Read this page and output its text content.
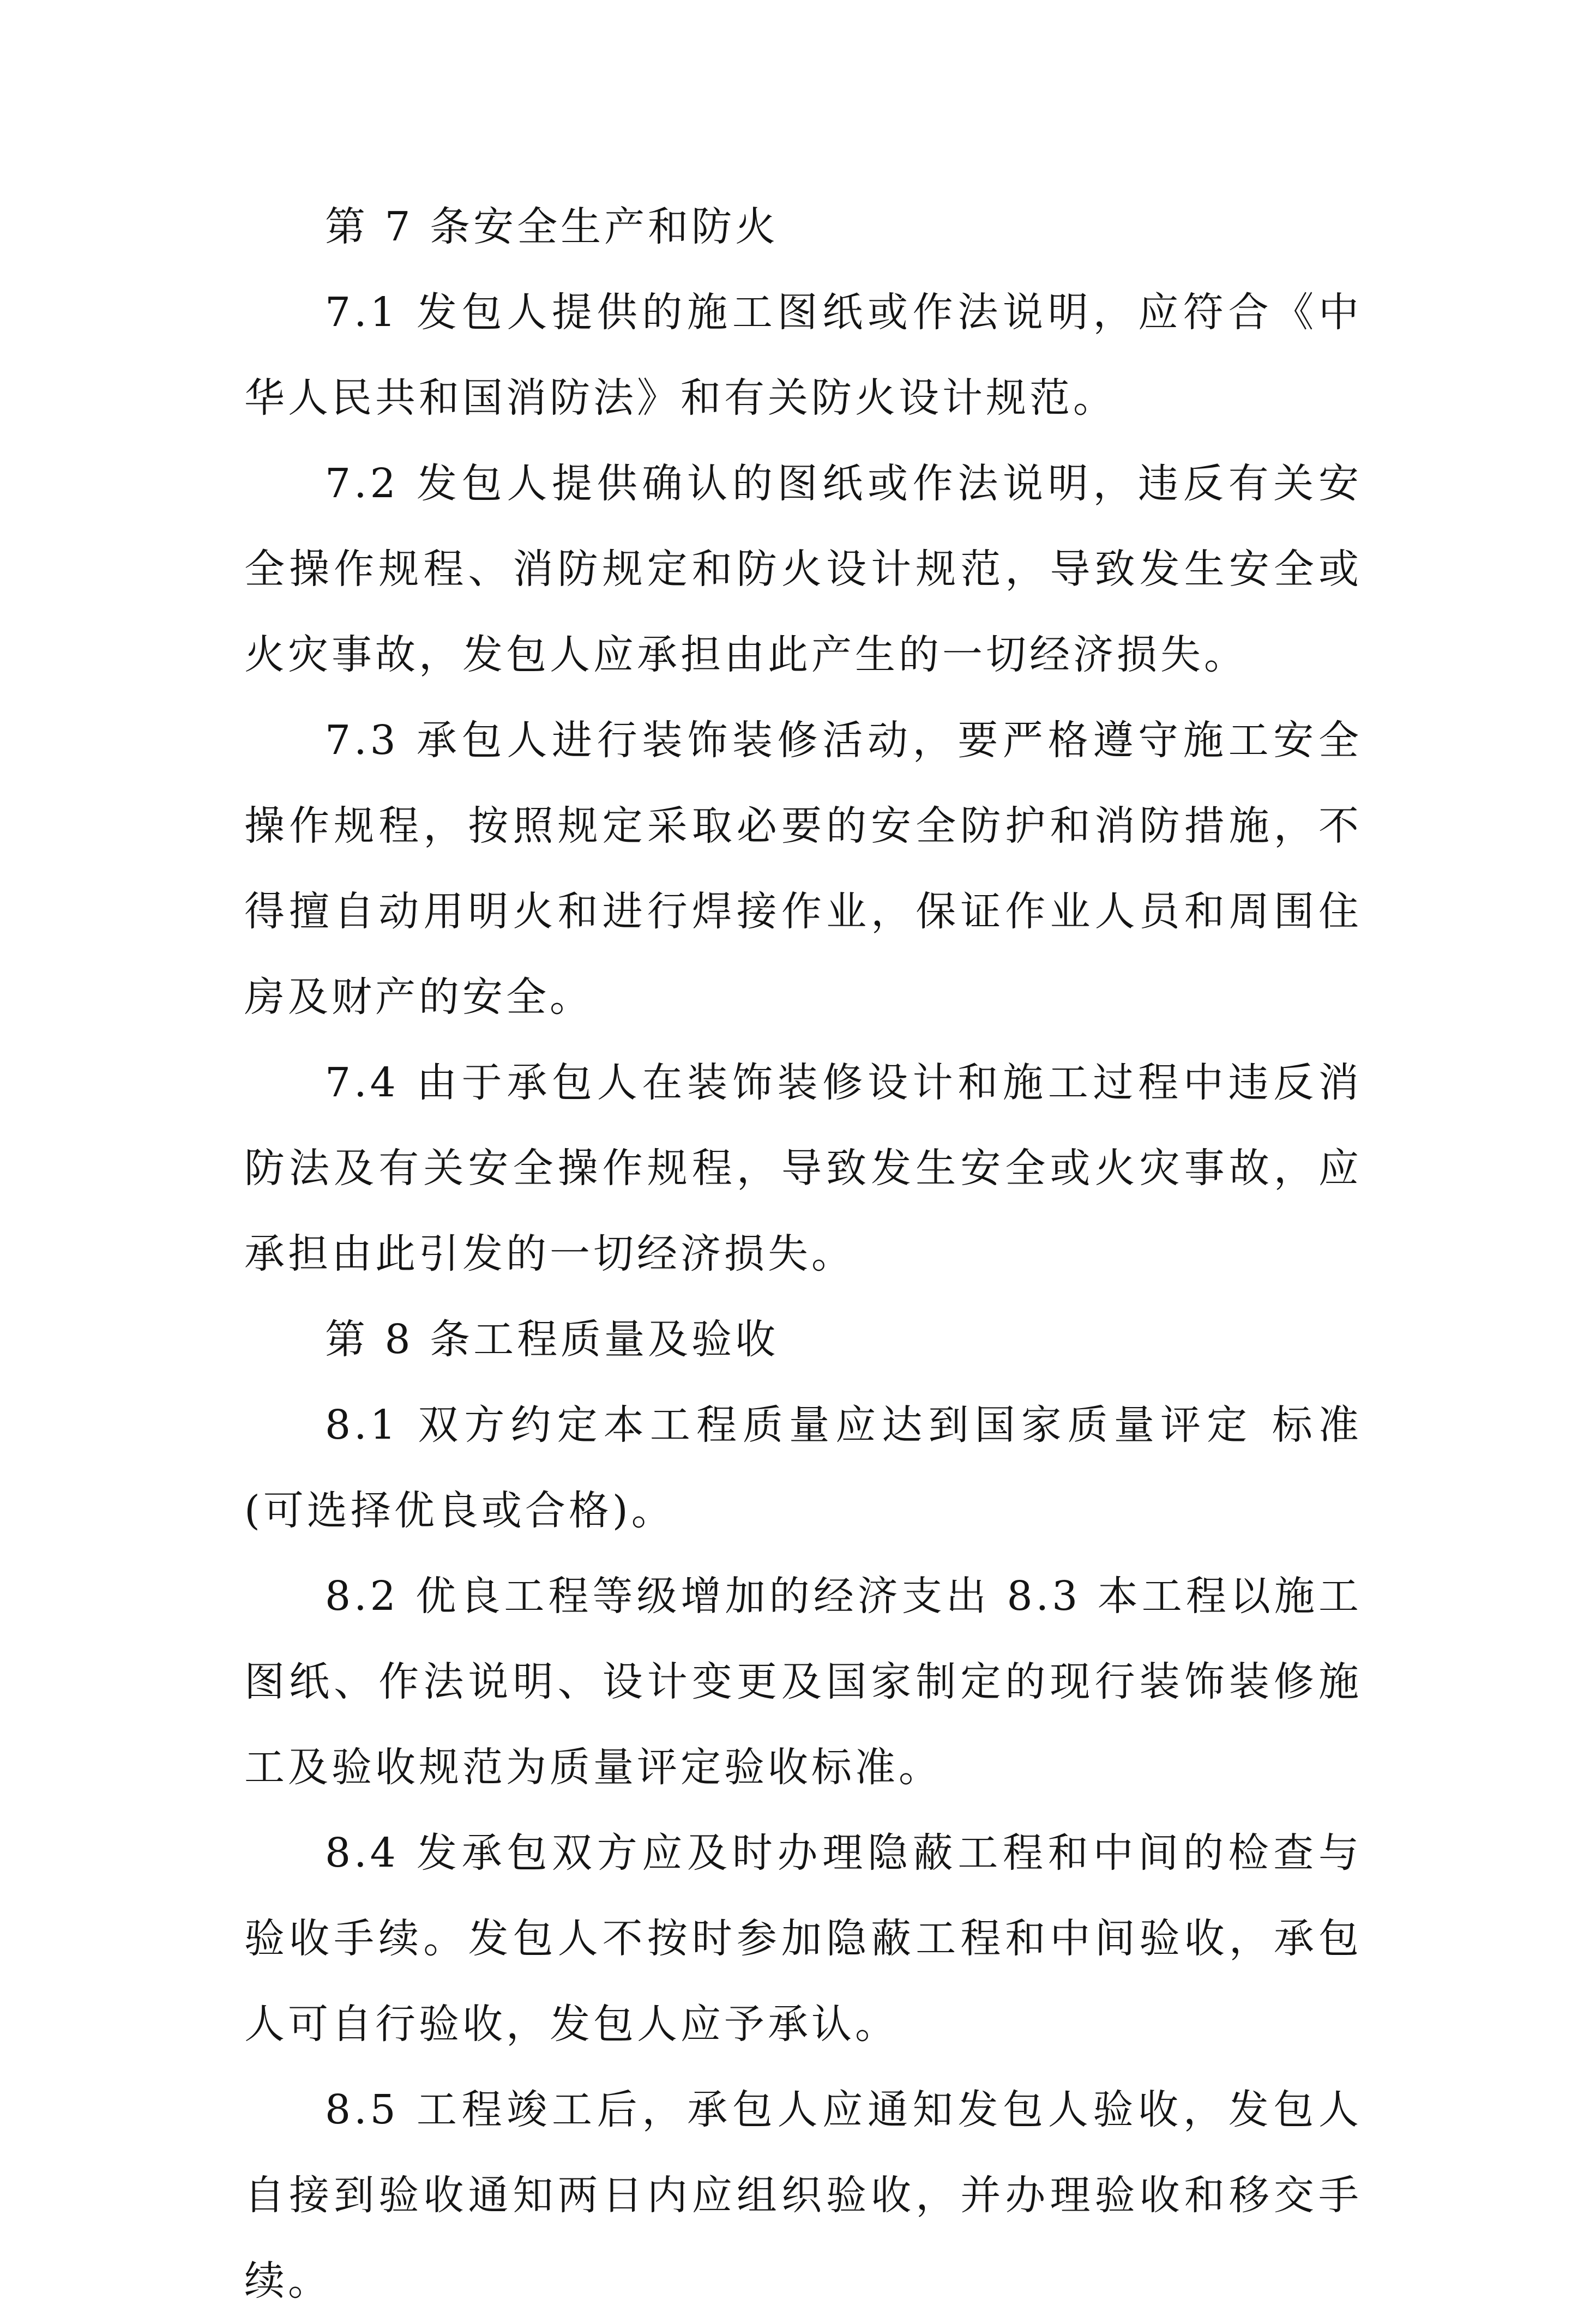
第 7 条安全生产和防火

7.1 发包人提供的施工图纸或作法说明，应符合《中华人民共和国消防法》和有关防火设计规范。

7.2 发包人提供确认的图纸或作法说明，违反有关安全操作规程、消防规定和防火设计规范，导致发生安全或火灾事故，发包人应承担由此产生的一切经济损失。

7.3 承包人进行装饰装修活动，要严格遵守施工安全操作规程，按照规定采取必要的安全防护和消防措施，不得擅自动用明火和进行焊接作业，保证作业人员和周围住房及财产的安全。

7.4 由于承包人在装饰装修设计和施工过程中违反消防法及有关安全操作规程，导致发生安全或火灾事故，应承担由此引发的一切经济损失。

第 8 条工程质量及验收

8.1 双方约定本工程质量应达到国家质量评定 标准(可选择优良或合格)。

8.2 优良工程等级增加的经济支出 8.3 本工程以施工图纸、作法说明、设计变更及国家制定的现行装饰装修施工及验收规范为质量评定验收标准。

8.4 发承包双方应及时办理隐蔽工程和中间的检查与验收手续。发包人不按时参加隐蔽工程和中间验收，承包人可自行验收，发包人应予承认。

8.5 工程竣工后，承包人应通知发包人验收，发包人自接到验收通知两日内应组织验收，并办理验收和移交手续。
